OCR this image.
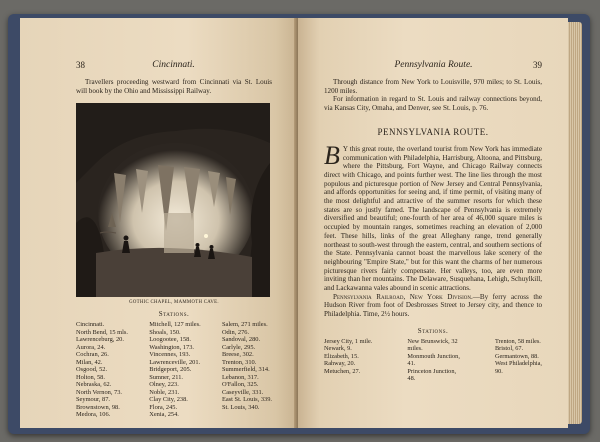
38	Cincinnati.

Travellers proceeding westward from Cincinnati via St. Louis will book by the Ohio and Mississippi Railway.

GOTHIC CHAPEL, MAMMOTH CAVE.
Stations.
Cincinnati.
North Bend, 15 mls.
Lawrenceburg, 20.
Aurora, 24.
Cochran, 26.
Milan, 42.
Osgood, 52.
Holton, 58.
Nebraska, 62.
North Vernon, 73.
Seymour, 87.
Brownstown, 98.
Medora, 106.
Mitchell, 127 miles.
Shoals, 150.
Loogootee, 158.
Washington, 173.
Vincennes, 193.
Lawrenceville, 201.
Bridgeport, 205.
Sumner, 211.
Olney, 223.
Noble, 231.
Clay City, 238.
Flora, 245.
Xenia, 254.
Salem, 271 miles.
Odin, 276.
Sandoval, 280.
Carlyle, 295.
Breese, 302.
Trenton, 310.
Summerfield, 314.
Lebanon, 317.
O'Fallon, 325.
Caseyville, 331.
East St. Louis, 339.
St. Louis, 340.
Pennsylvania Route.	39

Through distance from New York to Louisville, 970 miles; to St. Louis, 1200 miles.

For information in regard to St. Louis and railway connections beyond, via Kansas City, Omaha, and Denver, see St. Louis, p. 76.

PENNSYLVANIA ROUTE.
B Y this great route, the overland tourist from New York has immediate communication with Philadelphia, Harrisburg, Altoona, and Pittsburg, where the Pittsburg, Fort Wayne, and Chicago Railway connects direct with Chicago, and points further west. The line lies through the most populous and picturesque portion of New Jersey and Central Pennsylvania, and affords opportunities for seeing and, if time permit, of visiting many of the most delightful and attractive of the summer resorts for which these states are so justly famed. The landscape of Pennsylvania is extremely diversified and beautiful; one-fourth of her area of 46,000 square miles is occupied by mountain ranges, sometimes reaching an elevation of 2,000 feet. These hills, links of the great Alleghany range, trend generally northeast to south-west through the eastern, central, and southern sections of the State. Pennsylvania cannot boast the marvellous lake scenery of the neighbouring "Empire State," but for this want the charms of her numerous picturesque rivers fairly compensate. Her valleys, too, are even more inviting than her mountains. The Delaware, Susquehana, Lehigh, Schuylkill, and Lackawanna vales abound in scenic attractions.

Pennsylvania Railroad, New York Division.—By ferry across the Hudson River from foot of Desbrosses Street to Jersey city, and thence to Philadelphia. Time, 2½ hours.

Stations.
Jersey City, 1 mile.
Newark, 9.
Elizabeth, 15.
Rahway, 20.
Metuchen, 27.
New Brunswick, 32
miles.
Monmouth Junction,
41.
Princeton Junction,
48.
Trenton, 58 miles.
Bristol, 67.
Germantown, 88.
West Philadelphia,
90.
